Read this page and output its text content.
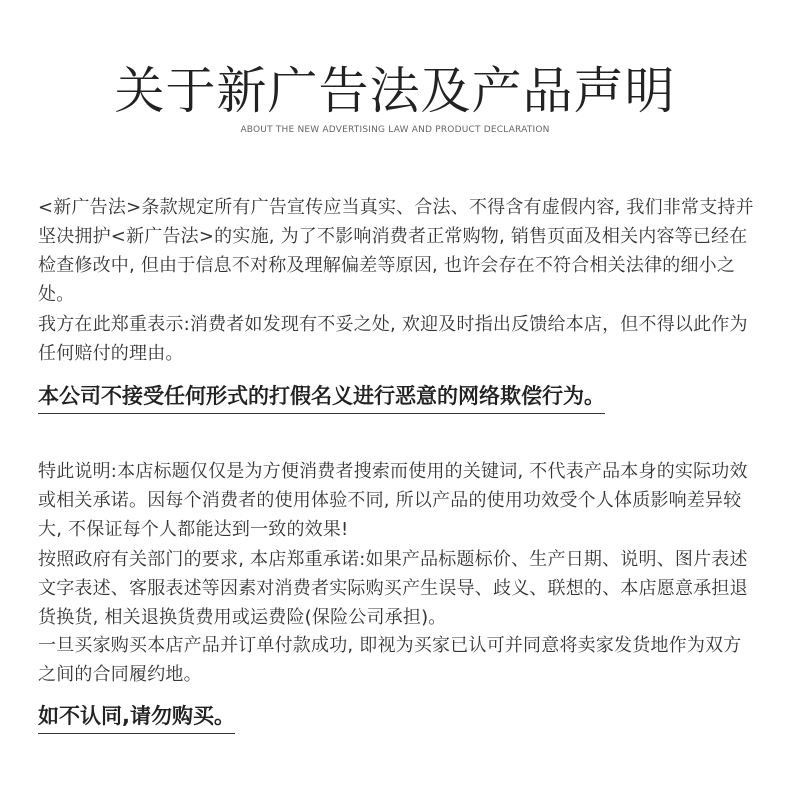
关于新广告法及产品声明
ABOUT THE NEW ADVERTISING LAW AND PRODUCT DECLARATION

<新广告法>条款规定所有广告宣传应当真实、合法、不得含有虚假内容, 我们非常支持并坚决拥护<新广告法>的实施, 为了不影响消费者正常购物, 销售页面及相关内容等已经在检查修改中, 但由于信息不对称及理解偏差等原因, 也许会存在不符合相关法律的细小之处。

我方在此郑重表示:消费者如发现有不妥之处, 欢迎及时指出反馈给本店，但不得以此作为任何赔付的理由。

本公司不接受任何形式的打假名义进行恶意的网络欺偿行为。

特此说明:本店标题仅仅是为方便消费者搜索而使用的关键词, 不代表产品本身的实际功效或相关承诺。因每个消费者的使用体验不同, 所以产品的使用功效受个人体质影响差异较大, 不保证每个人都能达到一致的效果!

按照政府有关部门的要求, 本店郑重承诺:如果产品标题标价、生产日期、说明、图片表述文字表述、客服表述等因素对消费者实际购买产生误导、歧义、联想的、本店愿意承担退货换货, 相关退换货费用或运费险(保险公司承担)。

一旦买家购买本店产品并订单付款成功, 即视为买家已认可并同意将卖家发货地作为双方之间的合同履约地。

如不认同,请勿购买。
